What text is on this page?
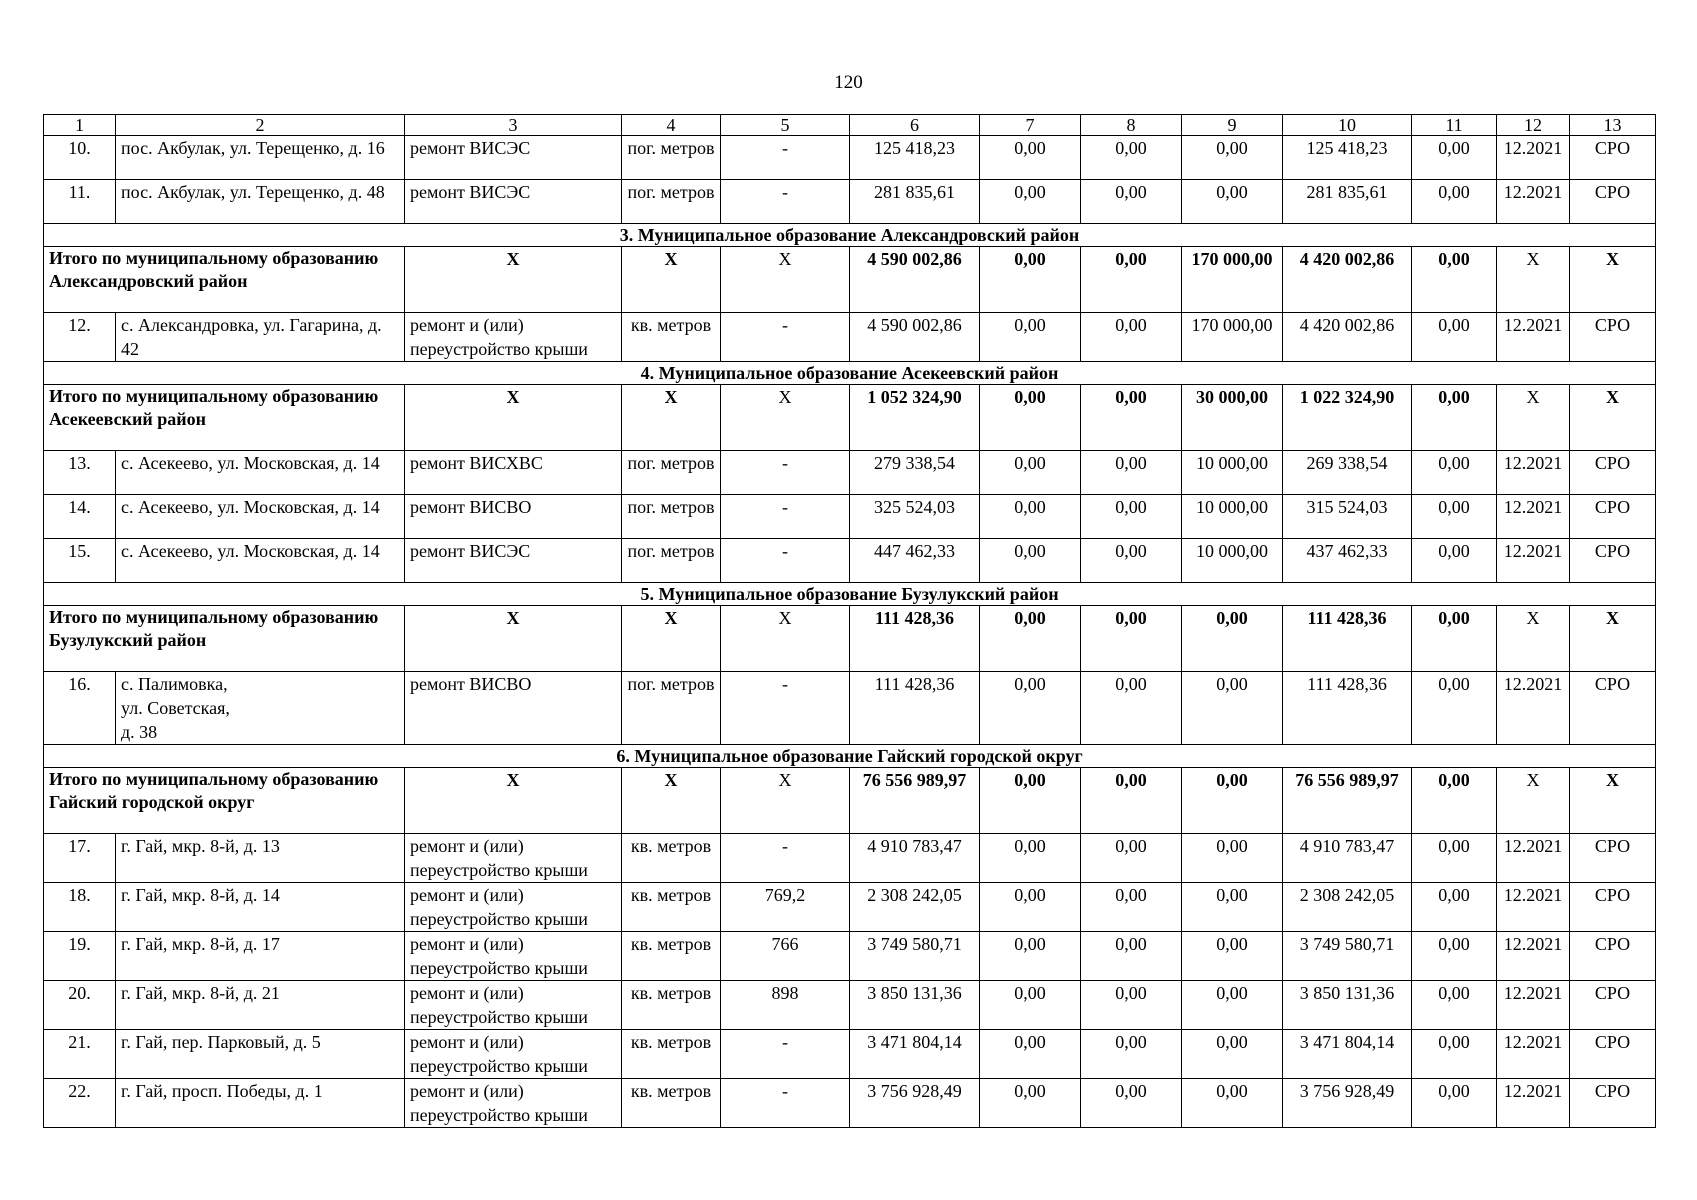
120
1	2	3	4	5	6	7	8	9	10	11	12	13
10.	пос. Акбулак, ул. Терещенко, д. 16	ремонт ВИСЭС	пог. метров	-	125 418,23	0,00	0,00	0,00	125 418,23	0,00	12.2021	СРО
11.	пос. Акбулак, ул. Терещенко, д. 48	ремонт ВИСЭС	пог. метров	-	281 835,61	0,00	0,00	0,00	281 835,61	0,00	12.2021	СРО
3. Муниципальное образование Александровский район												
Итого по муниципальному образованию Александровский район		X	X	X	4 590 002,86	0,00	0,00	170 000,00	4 420 002,86	0,00	X	X
12.	с. Александровка, ул. Гагарина, д. 42	ремонт и (или) переустройство крыши	кв. метров	-	4 590 002,86	0,00	0,00	170 000,00	4 420 002,86	0,00	12.2021	СРО
4. Муниципальное образование Асекеевский район												
Итого по муниципальному образованию Асекеевский район		X	X	X	1 052 324,90	0,00	0,00	30 000,00	1 022 324,90	0,00	X	X
13.	с. Асекеево, ул. Московская, д. 14	ремонт ВИСХВС	пог. метров	-	279 338,54	0,00	0,00	10 000,00	269 338,54	0,00	12.2021	СРО
14.	с. Асекеево, ул. Московская, д. 14	ремонт ВИСВО	пог. метров	-	325 524,03	0,00	0,00	10 000,00	315 524,03	0,00	12.2021	СРО
15.	с. Асекеево, ул. Московская, д. 14	ремонт ВИСЭС	пог. метров	-	447 462,33	0,00	0,00	10 000,00	437 462,33	0,00	12.2021	СРО
5. Муниципальное образование Бузулукский район												
Итого по муниципальному образованию Бузулукский район		X	X	X	111 428,36	0,00	0,00	0,00	111 428,36	0,00	X	X
16.	с. Палимовка,
ул. Советская,
д. 38	ремонт ВИСВО	пог. метров	-	111 428,36	0,00	0,00	0,00	111 428,36	0,00	12.2021	СРО
6. Муниципальное образование Гайский городской округ												
Итого по муниципальному образованию Гайский городской округ		X	X	X	76 556 989,97	0,00	0,00	0,00	76 556 989,97	0,00	X	X
17.	г. Гай, мкр. 8-й, д. 13	ремонт и (или) переустройство крыши	кв. метров	-	4 910 783,47	0,00	0,00	0,00	4 910 783,47	0,00	12.2021	СРО
18.	г. Гай, мкр. 8-й, д. 14	ремонт и (или) переустройство крыши	кв. метров	769,2	2 308 242,05	0,00	0,00	0,00	2 308 242,05	0,00	12.2021	СРО
19.	г. Гай, мкр. 8-й, д. 17	ремонт и (или) переустройство крыши	кв. метров	766	3 749 580,71	0,00	0,00	0,00	3 749 580,71	0,00	12.2021	СРО
20.	г. Гай, мкр. 8-й, д. 21	ремонт и (или) переустройство крыши	кв. метров	898	3 850 131,36	0,00	0,00	0,00	3 850 131,36	0,00	12.2021	СРО
21.	г. Гай, пер. Парковый, д. 5	ремонт и (или) переустройство крыши	кв. метров	-	3 471 804,14	0,00	0,00	0,00	3 471 804,14	0,00	12.2021	СРО
22.	г. Гай, просп. Победы, д. 1	ремонт и (или) переустройство крыши	кв. метров	-	3 756 928,49	0,00	0,00	0,00	3 756 928,49	0,00	12.2021	СРО
